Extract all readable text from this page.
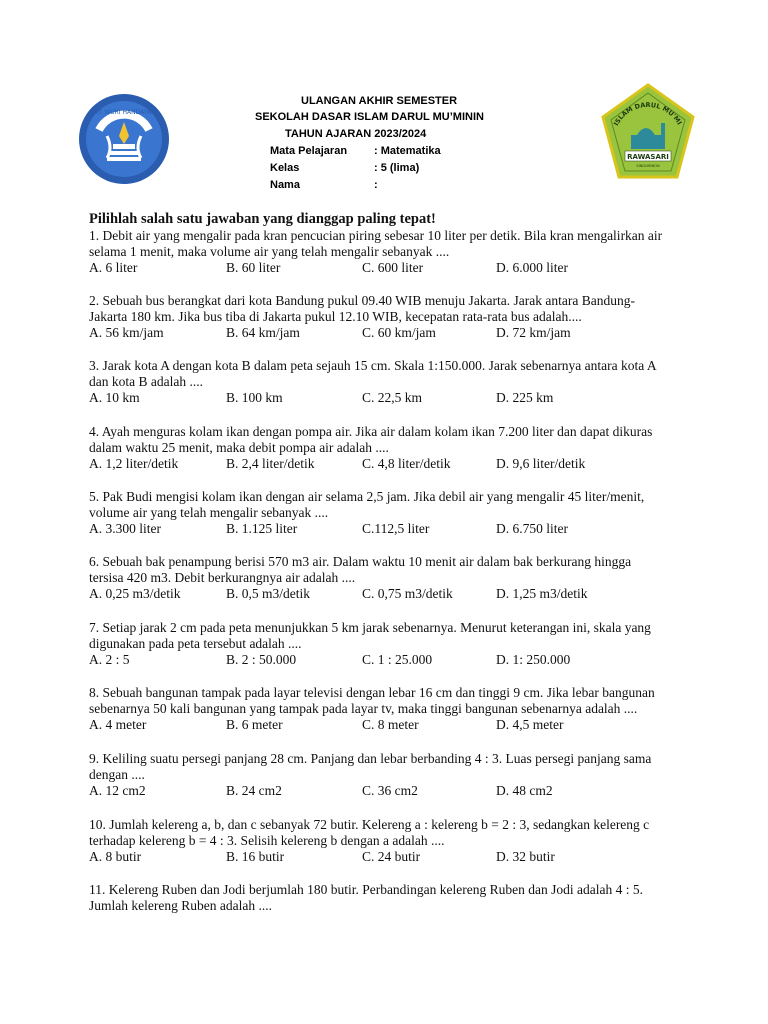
TUT WURI HANDAYANI
ISLAM DARUL MU'MI
RAWASARI
SINDUMINON
ULANGAN AKHIR SEMESTER
SEKOLAH DASAR ISLAM DARUL MU’MININ
TAHUN AJARAN 2023/2024
Mata Pelajaran : Matematika
Kelas	: 5 (lima)
Nama	:
Pilihlah salah satu jawaban yang dianggap paling tepat!
1. Debit air yang mengalir pada kran pencucian piring sebesar 10 liter per detik. Bila kran mengalirkan air
selama 1 menit, maka volume air yang telah mengalir sebanyak ....
A. 6 liter	B. 60 liter	C. 600 liter	D. 6.000 liter
2. Sebuah bus berangkat dari kota Bandung pukul 09.40 WIB menuju Jakarta. Jarak antara Bandung-
Jakarta 180 km. Jika bus tiba di Jakarta pukul 12.10 WIB, kecepatan rata-rata bus adalah....
A. 56 km/jam	B. 64 km/jam	C. 60 km/jam	D. 72 km/jam
3. Jarak kota A dengan kota B dalam peta sejauh 15 cm. Skala 1:150.000. Jarak sebenarnya antara kota A
dan kota B adalah ....
A. 10 km	B. 100 km	C. 22,5 km	D. 225 km
4. Ayah menguras kolam ikan dengan pompa air. Jika air dalam kolam ikan 7.200 liter dan dapat dikuras
dalam waktu 25 menit, maka debit pompa air adalah ....
A. 1,2 liter/detik	B. 2,4 liter/detik	C. 4,8 liter/detik	D. 9,6 liter/detik
5. Pak Budi mengisi kolam ikan dengan air selama 2,5 jam. Jika debil air yang mengalir 45 liter/menit,
volume air yang telah mengalir sebanyak ....
A. 3.300 liter	B. 1.125 liter	C.112,5 liter	D. 6.750 liter
6. Sebuah bak penampung berisi 570 m3 air. Dalam waktu 10 menit air dalam bak berkurang hingga
tersisa 420 m3. Debit berkurangnya air adalah ....
A. 0,25 m3/detik	B. 0,5 m3/detik	C. 0,75 m3/detik	D. 1,25 m3/detik
7. Setiap jarak 2 cm pada peta menunjukkan 5 km jarak sebenarnya. Menurut keterangan ini, skala yang
digunakan pada peta tersebut adalah ....
A. 2 : 5	B. 2 : 50.000	C. 1 : 25.000	D. 1: 250.000
8. Sebuah bangunan tampak pada layar televisi dengan lebar 16 cm dan tinggi 9 cm. Jika lebar bangunan
sebenarnya 50 kali bangunan yang tampak pada layar tv, maka tinggi bangunan sebenarnya adalah ....
A. 4 meter	B. 6 meter	C. 8 meter	D. 4,5 meter
9. Keliling suatu persegi panjang 28 cm. Panjang dan lebar berbanding 4 : 3. Luas persegi panjang sama
dengan ....
A. 12 cm2	B. 24 cm2	C. 36 cm2	D. 48 cm2
10. Jumlah kelereng a, b, dan c sebanyak 72 butir. Kelereng a : kelereng b = 2 : 3, sedangkan kelereng c
terhadap kelereng b = 4 : 3. Selisih kelereng b dengan a adalah ....
A. 8 butir	B. 16 butir	C. 24 butir	D. 32 butir
11. Kelereng Ruben dan Jodi berjumlah 180 butir. Perbandingan kelereng Ruben dan Jodi adalah 4 : 5.
Jumlah kelereng Ruben adalah ....
